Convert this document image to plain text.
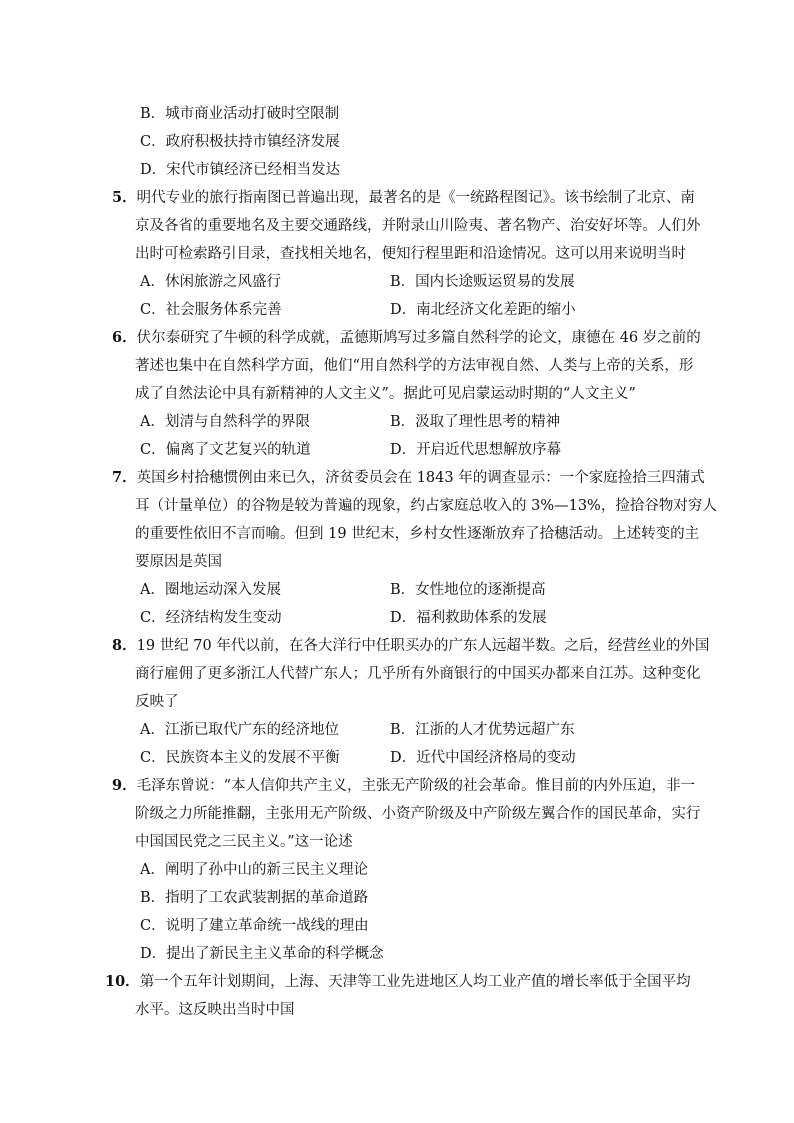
B．城市商业活动打破时空限制
C．政府积极扶持市镇经济发展
D．宋代市镇经济已经相当发达
5．明代专业的旅行指南图已普遍出现，最著名的是《一统路程图记》。该书绘制了北京、南
京及各省的重要地名及主要交通路线，并附录山川险夷、著名物产、治安好坏等。人们外
出时可检索路引目录，查找相关地名，便知行程里距和沿途情况。这可以用来说明当时
A．休闲旅游之风盛行	B．国内长途贩运贸易的发展
C．社会服务体系完善	D．南北经济文化差距的缩小
6．伏尔泰研究了牛顿的科学成就，孟德斯鸠写过多篇自然科学的论文，康德在 46 岁之前的
著述也集中在自然科学方面，他们“用自然科学的方法审视自然、人类与上帝的关系，形
成了自然法论中具有新精神的人文主义”。据此可见启蒙运动时期的“人文主义”
A．划清与自然科学的界限	B．汲取了理性思考的精神
C．偏离了文艺复兴的轨道	D．开启近代思想解放序幕
7．英国乡村拾穗惯例由来已久，济贫委员会在 1843 年的调查显示：一个家庭捡拾三四蒲式
耳（计量单位）的谷物是较为普遍的现象，约占家庭总收入的 3%—13%，捡拾谷物对穷人
的重要性依旧不言而喻。但到 19 世纪末，乡村女性逐渐放弃了拾穗活动。上述转变的主
要原因是英国
A．圈地运动深入发展	B．女性地位的逐渐提高
C．经济结构发生变动	D．福利救助体系的发展
8．19 世纪 70 年代以前，在各大洋行中任职买办的广东人远超半数。之后，经营丝业的外国
商行雇佣了更多浙江人代替广东人；几乎所有外商银行的中国买办都来自江苏。这种变化
反映了
A．江浙已取代广东的经济地位	B．江浙的人才优势远超广东
C．民族资本主义的发展不平衡	D．近代中国经济格局的变动
9．毛泽东曾说：“本人信仰共产主义，主张无产阶级的社会革命。惟目前的内外压迫，非一
阶级之力所能推翻，主张用无产阶级、小资产阶级及中产阶级左翼合作的国民革命，实行
中国国民党之三民主义。”这一论述
A．阐明了孙中山的新三民主义理论
B．指明了工农武装割据的革命道路
C．说明了建立革命统一战线的理由
D．提出了新民主主义革命的科学概念
10．第一个五年计划期间，上海、天津等工业先进地区人均工业产值的增长率低于全国平均
水平。这反映出当时中国
